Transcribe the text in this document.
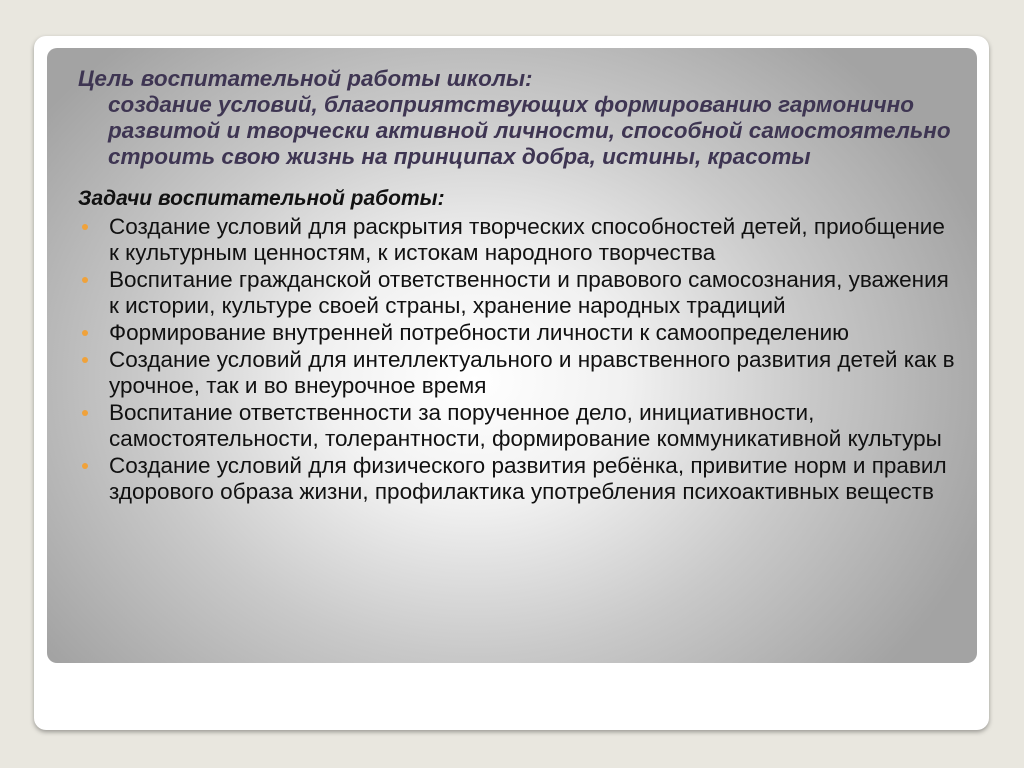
Цель воспитательной работы школы:
создание условий, благоприятствующих формированию гармонично развитой и творчески активной личности, способной самостоятельно строить свою жизнь на принципах добра, истины, красоты
Задачи воспитательной работы:
Создание условий для раскрытия творческих способностей детей, приобщение к культурным ценностям, к истокам народного творчества
Воспитание гражданской ответственности и правового самосознания, уважения к истории, культуре своей страны, хранение народных традиций
Формирование внутренней потребности личности к самоопределению
Создание условий для интеллектуального и нравственного развития детей как в урочное, так и во внеурочное время
Воспитание ответственности за порученное дело, инициативности, самостоятельности, толерантности, формирование коммуникативной культуры
Создание условий для физического развития ребёнка, привитие норм и правил здорового образа жизни, профилактика употребления психоактивных веществ
